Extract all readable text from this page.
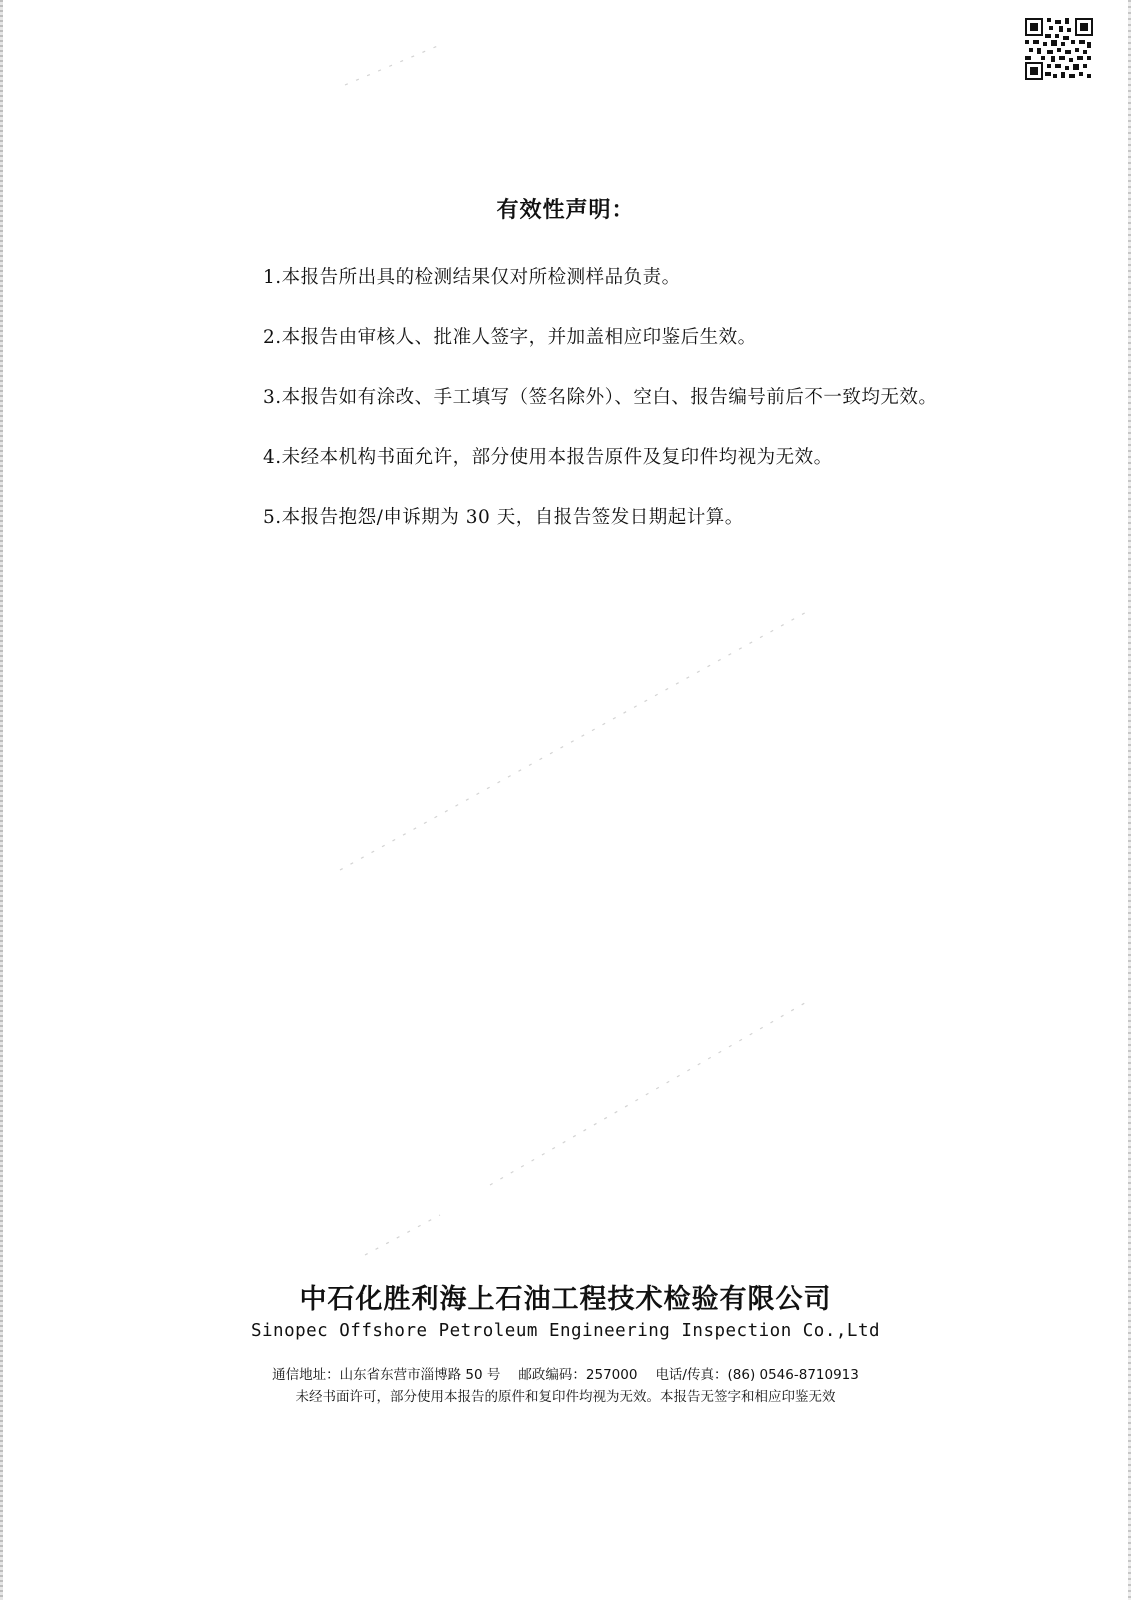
有效性声明：

1.本报告所出具的检测结果仅对所检测样品负责。

2.本报告由审核人、批准人签字，并加盖相应印鉴后生效。

3.本报告如有涂改、手工填写（签名除外）、空白、报告编号前后不一致均无效。

4.未经本机构书面允许，部分使用本报告原件及复印件均视为无效。

5.本报告抱怨/申诉期为 30 天，自报告签发日期起计算。

中石化胜利海上石油工程技术检验有限公司
Sinopec Offshore Petroleum Engineering Inspection Co.,Ltd
通信地址：山东省东营市淄博路 50 号 邮政编码：257000 电话/传真：(86) 0546-8710913
未经书面许可，部分使用本报告的原件和复印件均视为无效。本报告无签字和相应印鉴无效
